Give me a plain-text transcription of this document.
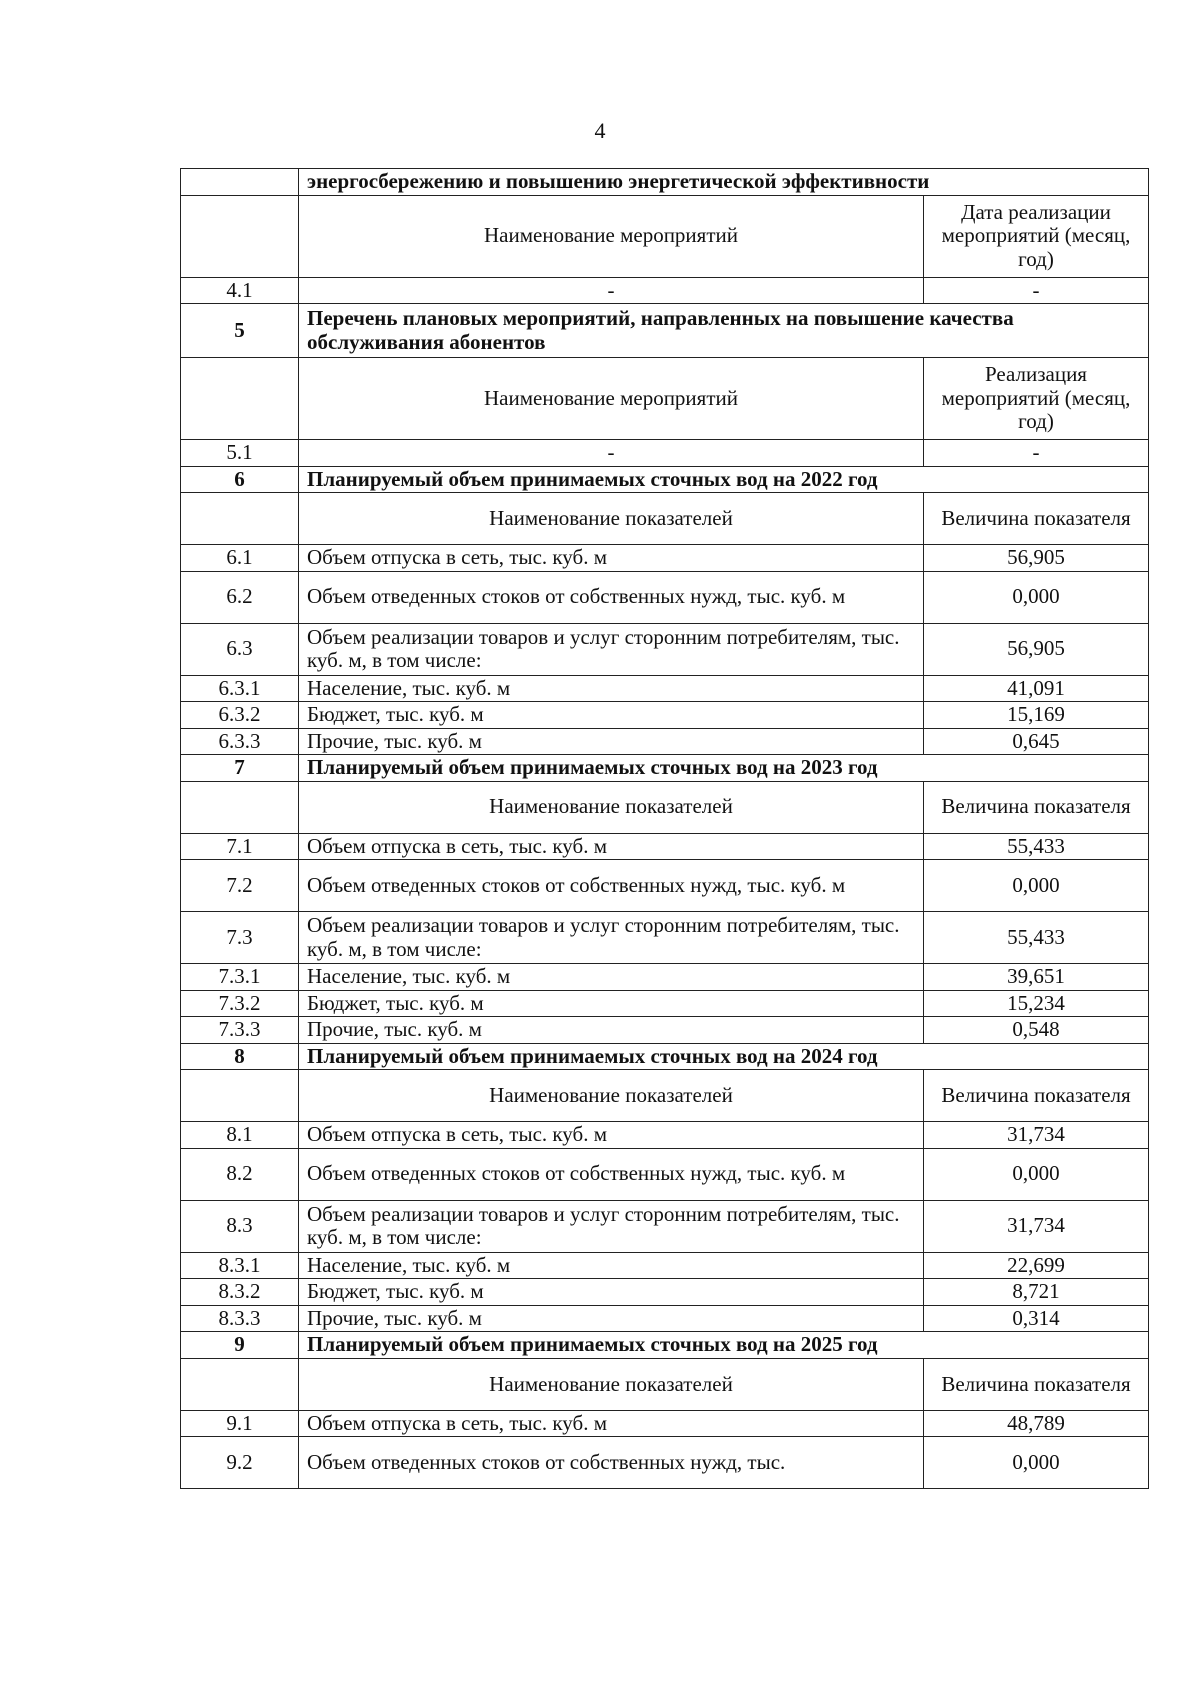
4
	энергосбережению и повышению энергетической эффективности	
	Наименование мероприятий	Дата реализации мероприятий (месяц, год)
4.1	-	-
5	Перечень плановых мероприятий, направленных на повышение качества обслуживания абонентов	
	Наименование мероприятий	Реализация мероприятий (месяц, год)
5.1	-	-
6	Планируемый объем принимаемых сточных вод на 2022 год	
	Наименование показателей	Величина показателя
6.1	Объем отпуска в сеть, тыс. куб. м	56,905
6.2	Объем отведенных стоков от собственных нужд, тыс. куб. м	0,000
6.3	Объем реализации товаров и услуг сторонним потребителям, тыс. куб. м, в том числе:	56,905
6.3.1	Население, тыс. куб. м	41,091
6.3.2	Бюджет, тыс. куб. м	15,169
6.3.3	Прочие, тыс. куб. м	0,645
7	Планируемый объем принимаемых сточных вод на 2023 год	
	Наименование показателей	Величина показателя
7.1	Объем отпуска в сеть, тыс. куб. м	55,433
7.2	Объем отведенных стоков от собственных нужд, тыс. куб. м	0,000
7.3	Объем реализации товаров и услуг сторонним потребителям, тыс. куб. м, в том числе:	55,433
7.3.1	Население, тыс. куб. м	39,651
7.3.2	Бюджет, тыс. куб. м	15,234
7.3.3	Прочие, тыс. куб. м	0,548
8	Планируемый объем принимаемых сточных вод на 2024 год	
	Наименование показателей	Величина показателя
8.1	Объем отпуска в сеть, тыс. куб. м	31,734
8.2	Объем отведенных стоков от собственных нужд, тыс. куб. м	0,000
8.3	Объем реализации товаров и услуг сторонним потребителям, тыс. куб. м, в том числе:	31,734
8.3.1	Население, тыс. куб. м	22,699
8.3.2	Бюджет, тыс. куб. м	8,721
8.3.3	Прочие, тыс. куб. м	0,314
9	Планируемый объем принимаемых сточных вод на 2025 год	
	Наименование показателей	Величина показателя
9.1	Объем отпуска в сеть, тыс. куб. м	48,789
9.2	Объем отведенных стоков от собственных нужд, тыс.	0,000
